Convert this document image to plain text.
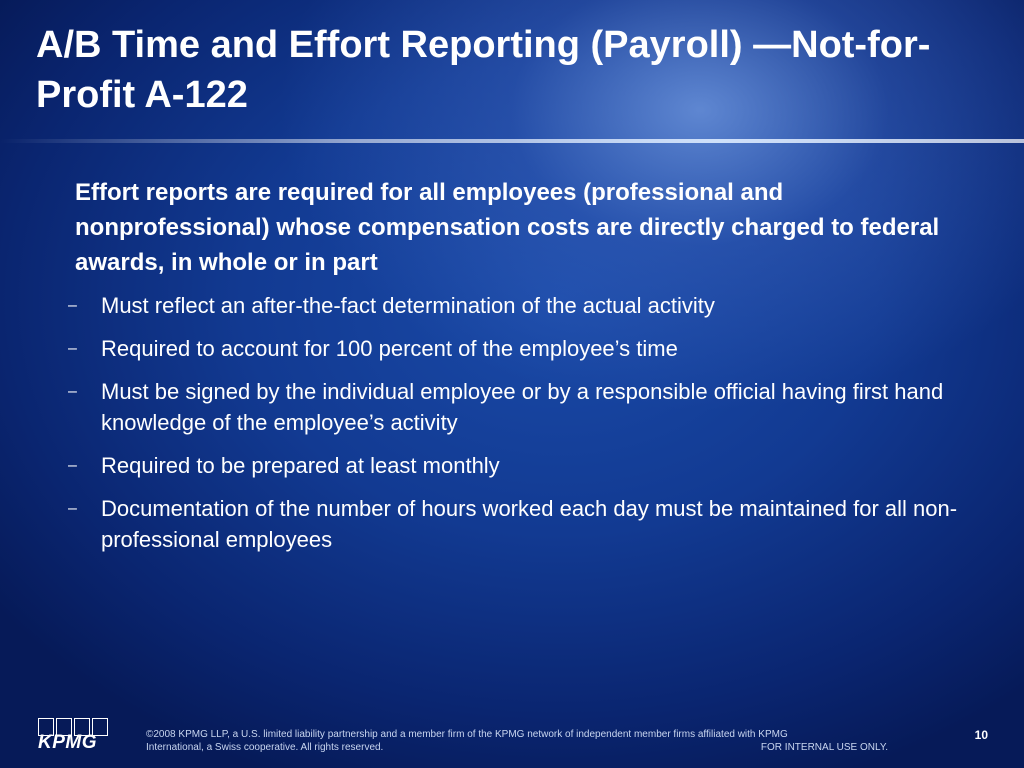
A/B Time and Effort Reporting (Payroll) —Not-for-Profit A-122

Effort reports are required for all employees (professional and nonprofessional) whose compensation costs are directly charged to federal awards, in whole or in part

– Must reflect an after-the-fact determination of the actual activity
– Required to account for 100 percent of the employee’s time
– Must be signed by the individual employee or by a responsible official having first hand knowledge of the employee’s activity
– Required to be prepared at least monthly
– Documentation of the number of hours worked each day must be maintained for all non-professional employees
KPMG	©2008 KPMG LLP, a U.S. limited liability partnership and a member firm of the KPMG network of independent member firms affiliated with KPMG
International, a Swiss cooperative. All rights reserved.	FOR INTERNAL USE ONLY.
10
